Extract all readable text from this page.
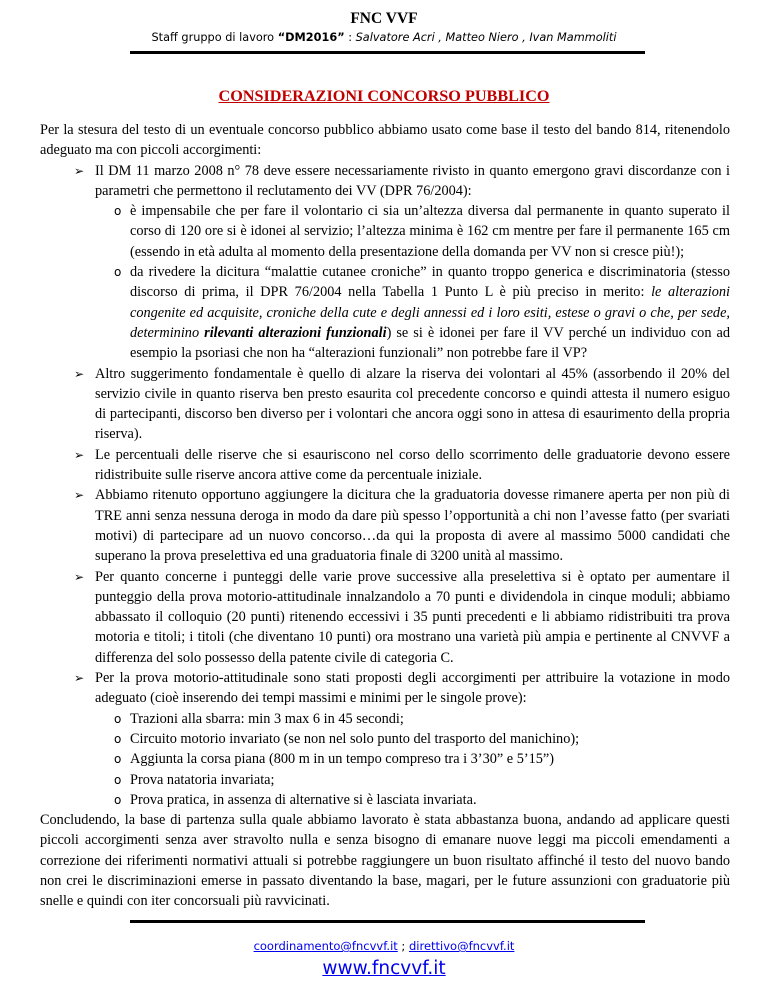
FNC VVF
Staff gruppo di lavoro “DM2016” : Salvatore Acri , Matteo Niero , Ivan Mammoliti
CONSIDERAZIONI CONCORSO PUBBLICO

Per la stesura del testo di un eventuale concorso pubblico abbiamo usato come base il testo del bando 814, ritenendolo adeguato ma con piccoli accorgimenti:

➢ Il DM 11 marzo 2008 n° 78 deve essere necessariamente rivisto in quanto emergono gravi discordanze con i parametri che permettono il reclutamento dei VV (DPR 76/2004):
o è impensabile che per fare il volontario ci sia un’altezza diversa dal permanente in quanto superato il corso di 120 ore si è idonei al servizio; l’altezza minima è 162 cm mentre per fare il permanente 165 cm (essendo in età adulta al momento della presentazione della domanda per VV non si cresce più!);
o da rivedere la dicitura “malattie cutanee croniche” in quanto troppo generica e discriminatoria (stesso discorso di prima, il DPR 76/2004 nella Tabella 1 Punto L è più preciso in merito: le alterazioni congenite ed acquisite, croniche della cute e degli annessi ed i loro esiti, estese o gravi o che, per sede, determinino rilevanti alterazioni funzionali) se si è idonei per fare il VV perché un individuo con ad esempio la psoriasi che non ha “alterazioni funzionali” non potrebbe fare il VP?
➢ Altro suggerimento fondamentale è quello di alzare la riserva dei volontari al 45% (assorbendo il 20% del servizio civile in quanto riserva ben presto esaurita col precedente concorso e quindi attesta il numero esiguo di partecipanti, discorso ben diverso per i volontari che ancora oggi sono in attesa di esaurimento della propria riserva).
➢ Le percentuali delle riserve che si esauriscono nel corso dello scorrimento delle graduatorie devono essere ridistribuite sulle riserve ancora attive come da percentuale iniziale.
➢ Abbiamo ritenuto opportuno aggiungere la dicitura che la graduatoria dovesse rimanere aperta per non più di TRE anni senza nessuna deroga in modo da dare più spesso l’opportunità a chi non l’avesse fatto (per svariati motivi) di partecipare ad un nuovo concorso…da qui la proposta di avere al massimo 5000 candidati che superano la prova preselettiva ed una graduatoria finale di 3200 unità al massimo.
➢ Per quanto concerne i punteggi delle varie prove successive alla preselettiva si è optato per aumentare il punteggio della prova motorio-attitudinale innalzandolo a 70 punti e dividendola in cinque moduli; abbiamo abbassato il colloquio (20 punti) ritenendo eccessivi i 35 punti precedenti e li abbiamo ridistribuiti tra prova motoria e titoli; i titoli (che diventano 10 punti) ora mostrano una varietà più ampia e pertinente al CNVVF a differenza del solo possesso della patente civile di categoria C.
➢ Per la prova motorio-attitudinale sono stati proposti degli accorgimenti per attribuire la votazione in modo adeguato (cioè inserendo dei tempi massimi e minimi per le singole prove):
o Trazioni alla sbarra: min 3 max 6 in 45 secondi;
o Circuito motorio invariato (se non nel solo punto del trasporto del manichino);
o Aggiunta la corsa piana (800 m in un tempo compreso tra i 3’30” e 5’15”)
o Prova natatoria invariata;
o Prova pratica, in assenza di alternative si è lasciata invariata.

Concludendo, la base di partenza sulla quale abbiamo lavorato è stata abbastanza buona, andando ad applicare questi piccoli accorgimenti senza aver stravolto nulla e senza bisogno di emanare nuove leggi ma piccoli emendamenti a correzione dei riferimenti normativi attuali si potrebbe raggiungere un buon risultato affinché il testo del nuovo bando non crei le discriminazioni emerse in passato diventando la base, magari, per le future assunzioni con graduatorie più snelle e quindi con iter concorsuali più ravvicinati.

coordinamento@fncvvf.it ; direttivo@fncvvf.it
www.fncvvf.it
